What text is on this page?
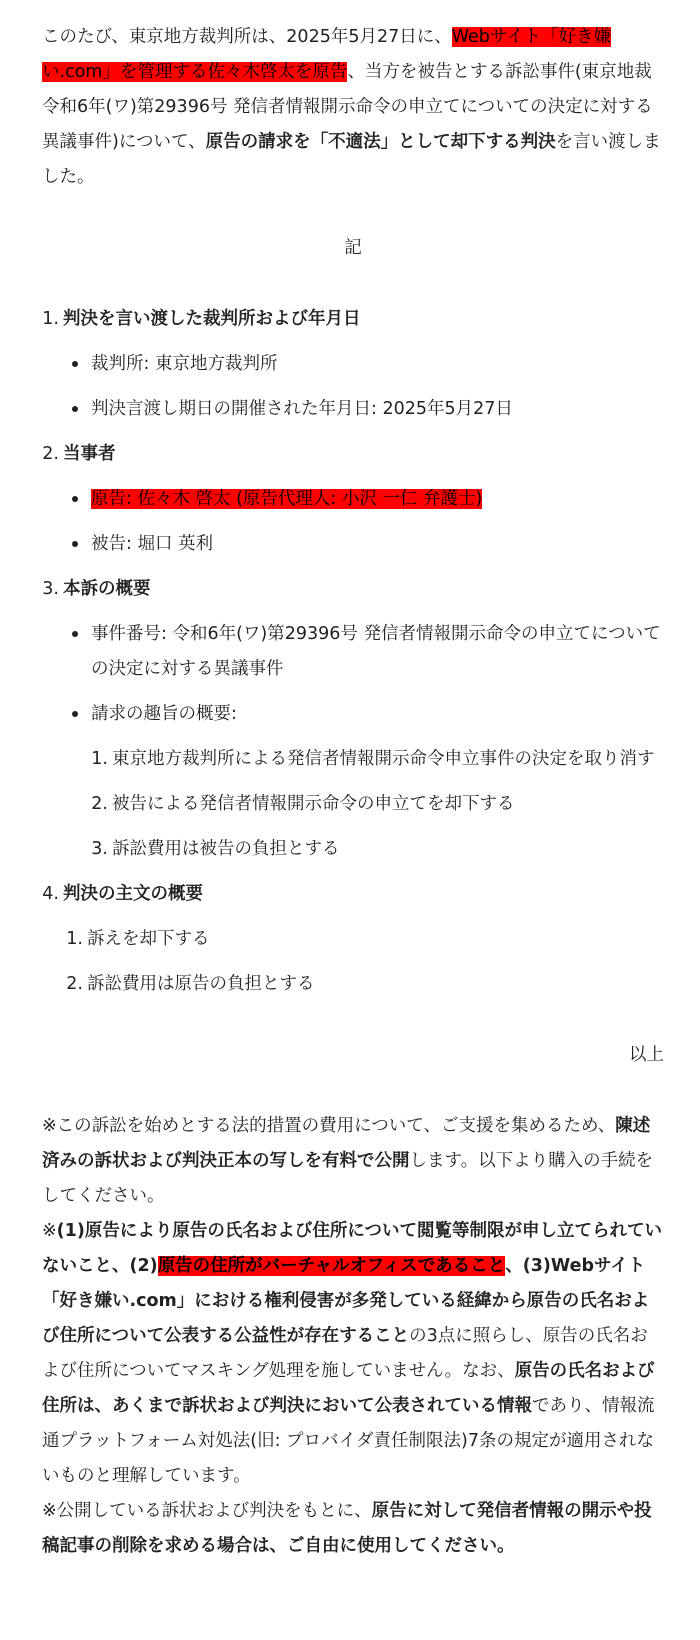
このたび、東京地方裁判所は、2025年5月27日に、Webサイト「好き嫌い.com」を管理する佐々木啓太を原告、当方を被告とする訴訟事件(東京地裁令和6年(ワ)第29396号 発信者情報開示命令の申立てについての決定に対する異議事件)について、原告の請求を「不適法」として却下する判決を言い渡しました。

記
1. 判決を言い渡した裁判所および年月日
裁判所: 東京地方裁判所
判決言渡し期日の開催された年月日: 2025年5月27日
2. 当事者
原告: 佐々木 啓太 (原告代理人: 小沢 一仁 弁護士)
被告: 堀口 英利
3. 本訴の概要
事件番号: 令和6年(ワ)第29396号 発信者情報開示命令の申立てについての決定に対する異議事件
請求の趣旨の概要:
1. 東京地方裁判所による発信者情報開示命令申立事件の決定を取り消す
2. 被告による発信者情報開示命令の申立てを却下する
3. 訴訟費用は被告の負担とする
4. 判決の主文の概要
1. 訴えを却下する
2. 訴訟費用は原告の負担とする
以上

※この訴訟を始めとする法的措置の費用について、ご支援を集めるため、陳述済みの訴状および判決正本の写しを有料で公開します。以下より購入の手続をしてください。

※(1)原告により原告の氏名および住所について閲覧等制限が申し立てられていないこと、(2)原告の住所がバーチャルオフィスであること、(3)Webサイト「好き嫌い.com」における権利侵害が多発している経緯から原告の氏名および住所について公表する公益性が存在することの3点に照らし、原告の氏名および住所についてマスキング処理を施していません。なお、原告の氏名および住所は、あくまで訴状および判決において公表されている情報であり、情報流通プラットフォーム対処法(旧: プロバイダ責任制限法)7条の規定が適用されないものと理解しています。

※公開している訴状および判決をもとに、原告に対して発信者情報の開示や投稿記事の削除を求める場合は、ご自由に使用してください。
